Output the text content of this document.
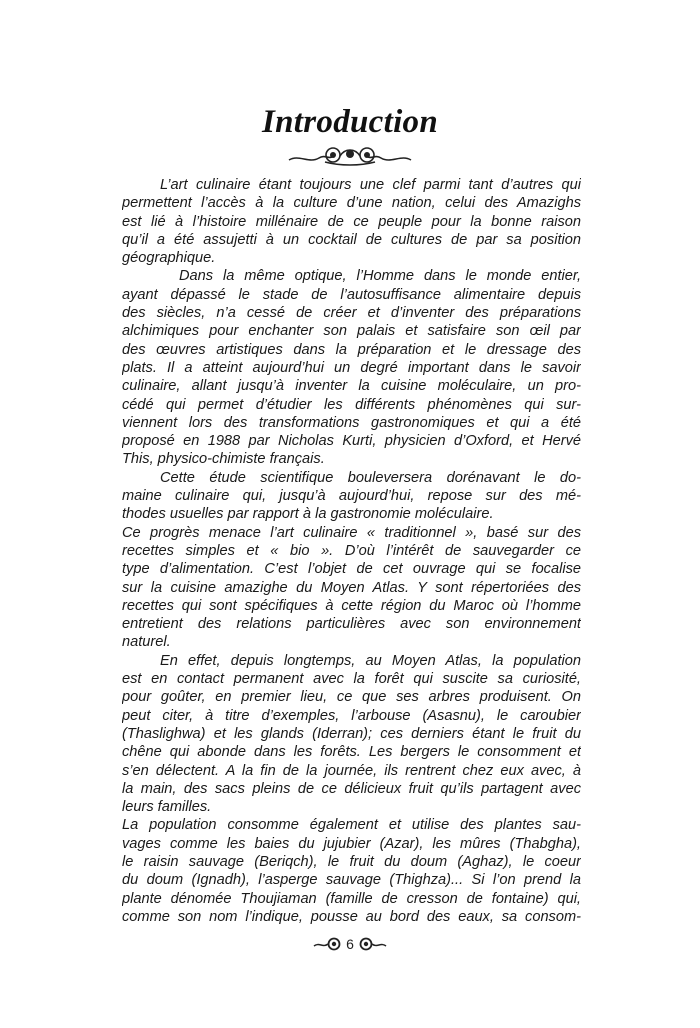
Introduction
L’art culinaire étant toujours une clef parmi tant d’autres qui
permettent l’accès à la culture d’une nation, celui des Amazighs
est lié à l’histoire millénaire de ce peuple pour la bonne raison
qu’il a été assujetti à un cocktail de cultures de par sa position
géographique.
Dans la même optique, l’Homme dans le monde entier,
ayant dépassé le stade de l’autosuffisance alimentaire depuis
des siècles, n’a cessé de créer et d’inventer des préparations
alchimiques pour enchanter son palais et satisfaire son œil par
des œuvres artistiques dans la préparation et le dressage des
plats. Il a atteint aujourd’hui un degré important dans le savoir
culinaire, allant jusqu’à inventer la cuisine moléculaire, un pro-
cédé qui permet d’étudier les différents phénomènes qui sur-
viennent lors des transformations gastronomiques et qui a été
proposé en 1988 par Nicholas Kurti, physicien d’Oxford, et Hervé
This, physico-chimiste français.
Cette étude scientifique bouleversera dorénavant le do-
maine culinaire qui, jusqu’à aujourd’hui, repose sur des mé-
thodes usuelles par rapport à la gastronomie moléculaire.
Ce progrès menace l’art culinaire « traditionnel », basé sur des
recettes simples et « bio ». D’où l’intérêt de sauvegarder ce
type d’alimentation. C’est l’objet de cet ouvrage qui se focalise
sur la cuisine amazighe du Moyen Atlas. Y sont répertoriées des
recettes qui sont spécifiques à cette région du Maroc où l’homme
entretient des relations particulières avec son environnement
naturel.
En effet, depuis longtemps, au Moyen Atlas, la population
est en contact permanent avec la forêt qui suscite sa curiosité,
pour goûter, en premier lieu, ce que ses arbres produisent. On
peut citer, à titre d’exemples, l’arbouse (Asasnu), le caroubier
(Thaslighwa) et les glands (Iderran); ces derniers étant le fruit du
chêne qui abonde dans les forêts. Les bergers le consomment et
s’en délectent. A la fin de la journée, ils rentrent chez eux avec, à
la main, des sacs pleins de ce délicieux fruit qu’ils partagent avec
leurs familles.
La population consomme également et utilise des plantes sau-
vages comme les baies du jujubier (Azar), les mûres (Thabgha),
le raisin sauvage (Beriqch), le fruit du doum (Aghaz), le coeur
du doum (Ignadh), l’asperge sauvage (Thighza)... Si l’on prend la
plante dénomée Thoujiaman (famille de cresson de fontaine) qui,
comme son nom l’indique, pousse au bord des eaux, sa consom-
6
